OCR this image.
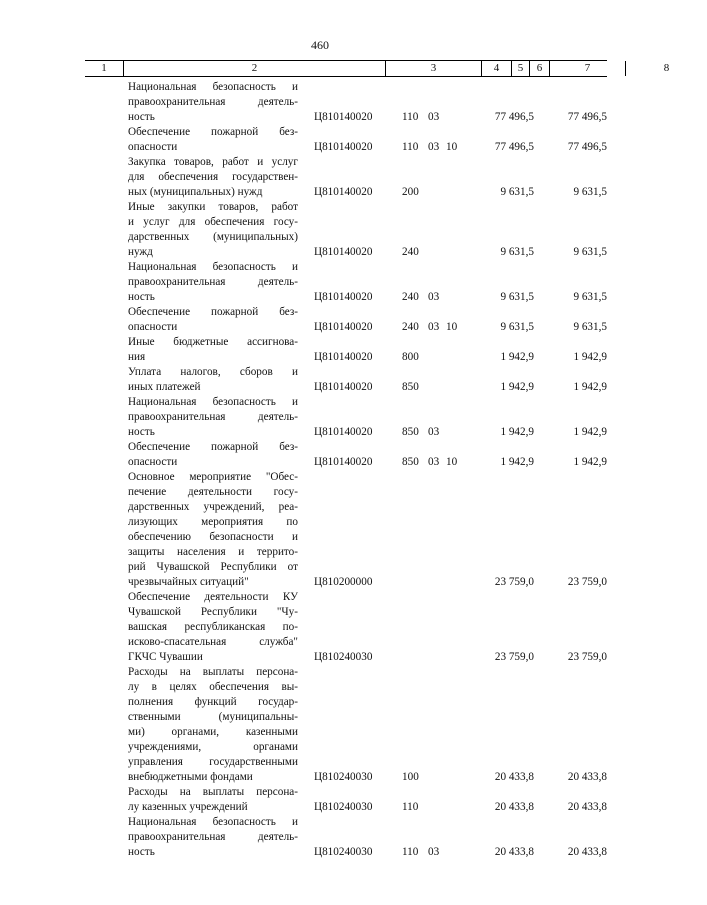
460
1	2	3	4	5	6	7	8
Национальная безопасность и
правоохранительная деятель-
ность	Ц810140020	110 03	77 496,5	77 496,5
Обеспечение пожарной без-
опасности	Ц810140020	110 03 10	77 496,5	77 496,5
Закупка товаров, работ и услуг
для обеспечения государствен-
ных (муниципальных) нужд	Ц810140020	200	9 631,5	9 631,5
Иные закупки товаров, работ
и услуг для обеспечения госу-
дарственных (муниципальных)
нужд	Ц810140020	240	9 631,5	9 631,5
Национальная безопасность и
правоохранительная деятель-
ность	Ц810140020	240 03	9 631,5	9 631,5
Обеспечение пожарной без-
опасности	Ц810140020	240 03 10	9 631,5	9 631,5
Иные бюджетные ассигнова-
ния	Ц810140020	800	1 942,9	1 942,9
Уплата налогов, сборов и
иных платежей	Ц810140020	850	1 942,9	1 942,9
Национальная безопасность и
правоохранительная деятель-
ность	Ц810140020	850 03	1 942,9	1 942,9
Обеспечение пожарной без-
опасности	Ц810140020	850 03 10	1 942,9	1 942,9
Основное мероприятие "Обес-
печение деятельности госу-
дарственных учреждений, реа-
лизующих мероприятия по
обеспечению безопасности и
защиты населения и террито-
рий Чувашской Республики от
чрезвычайных ситуаций"	Ц810200000	23 759,0	23 759,0
Обеспечение деятельности КУ
Чувашской Республики "Чу-
вашская республиканская по-
исково-спасательная служба"
ГКЧС Чувашии	Ц810240030	23 759,0	23 759,0
Расходы на выплаты персона-
лу в целях обеспечения вы-
полнения функций государ-
ственными (муниципальны-
ми) органами, казенными
учреждениями, органами
управления государственными
внебюджетными фондами	Ц810240030	100	20 433,8	20 433,8
Расходы на выплаты персона-
лу казенных учреждений	Ц810240030	110	20 433,8	20 433,8
Национальная безопасность и
правоохранительная деятель-
ность	Ц810240030	110 03	20 433,8	20 433,8
